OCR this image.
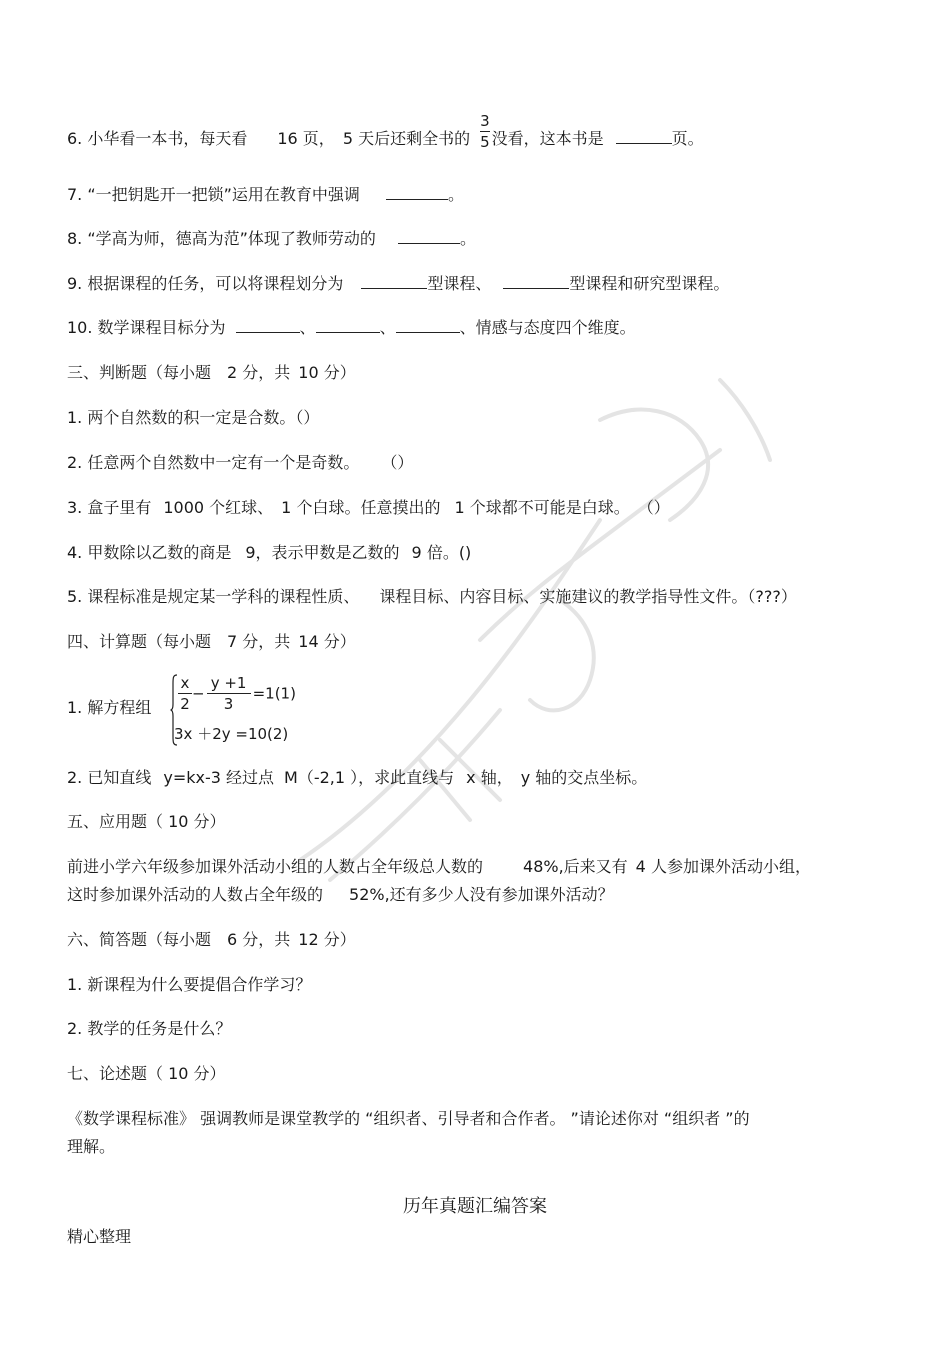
6. 小华看一本书，每天看 16 页， 5 天后还剩全书的 $\frac{3}{5}$ 没看，这本书是	页。
7. “一把钥匙开一把锁”运用在教育中强调	。
8. “学高为师，德高为范”体现了教师劳动的	。
9. 根据课程的任务，可以将课程划分为	型课程、	型课程和研究型课程。
10. 数学课程目标分为	、	、	、情感与态度四个维度。
三、判断题（每小题 2 分，共 10 分）
1. 两个自然数的积一定是合数。（）
2. 任意两个自然数中一定有一个是奇数。 （）
3. 盒子里有 1000 个红球、 1 个白球。任意摸出的 1 个球都不可能是白球。 （）
4. 甲数除以乙数的商是 9，表示甲数是乙数的 9 倍。()
5. 课程标准是规定某一学科的课程性质、 课程目标、内容目标、实施建议的教学指导性文件。（???）
四、计算题（每小题 7 分，共 14 分）
1. 解方程组 $\frac{x}{2} - \frac{y +1}{3} =1(1)$
3x ＋2y =10(2)
2. 已知直线 y=kx-3 经过点 M（-2,1 ），求此直线与 x 轴， y 轴的交点坐标。
五、应用题（ 10 分）
前进小学六年级参加课外活动小组的人数占全年级总人数的	48%,后来又有 4 人参加课外活动小组，
这时参加课外活动的人数占全年级的 52%,还有多少人没有参加课外活动？
六、简答题（每小题 6 分，共 12 分）
1. 新课程为什么要提倡合作学习？
2. 教学的任务是什么？
七、论述题（ 10 分）
《数学课程标准》 强调教师是课堂教学的 “组织者、引导者和合作者。 ”请论述你对 “组织者 ”的
理解。
历年真题汇编答案
精心整理
